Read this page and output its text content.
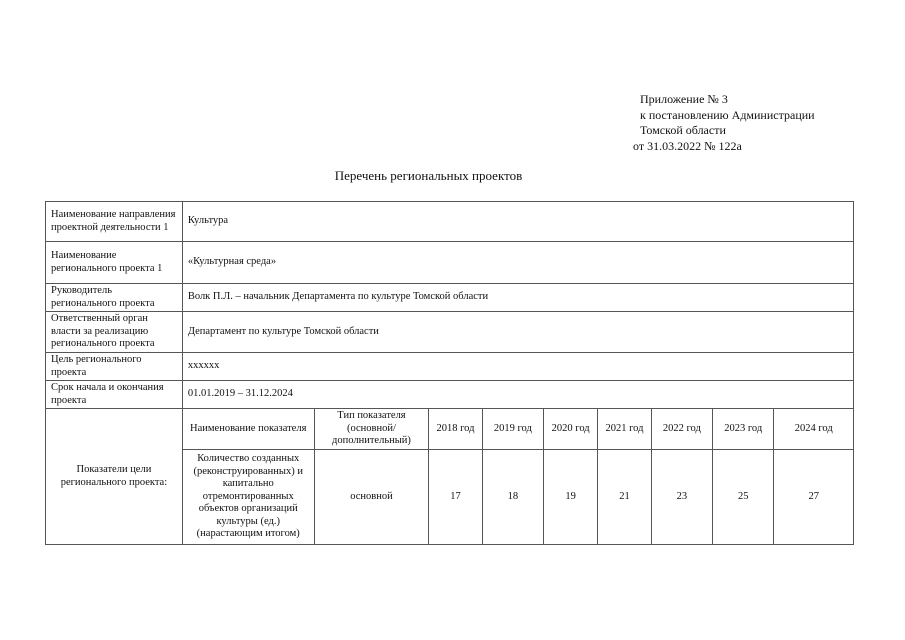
Приложение № 3
к постановлению Администрации
Томской области
от 31.03.2022 № 122а
Перечень региональных проектов
Наименование направления проектной деятельности 1	Культура								
Наименование регионального проекта 1	«Культурная среда»								
Руководитель регионального проекта	Волк П.Л. – начальник Департамента по культуре Томской области								
Ответственный орган власти за реализацию регионального проекта	Департамент по культуре Томской области								
Цель регионального проекта	хххххх								
Срок начала и окончания проекта	01.01.2019 – 31.12.2024								
Показатели цели регионального проекта:	Наименование показателя	Тип показателя (основной/ дополнительный)	2018 год	2019 год	2020 год	2021 год	2022 год	2023 год	2024 год
	Количество созданных (реконструированных) и капитально отремонтированных объектов организаций культуры (ед.) (нарастающим итогом)	основной	17	18	19	21	23	25	27
